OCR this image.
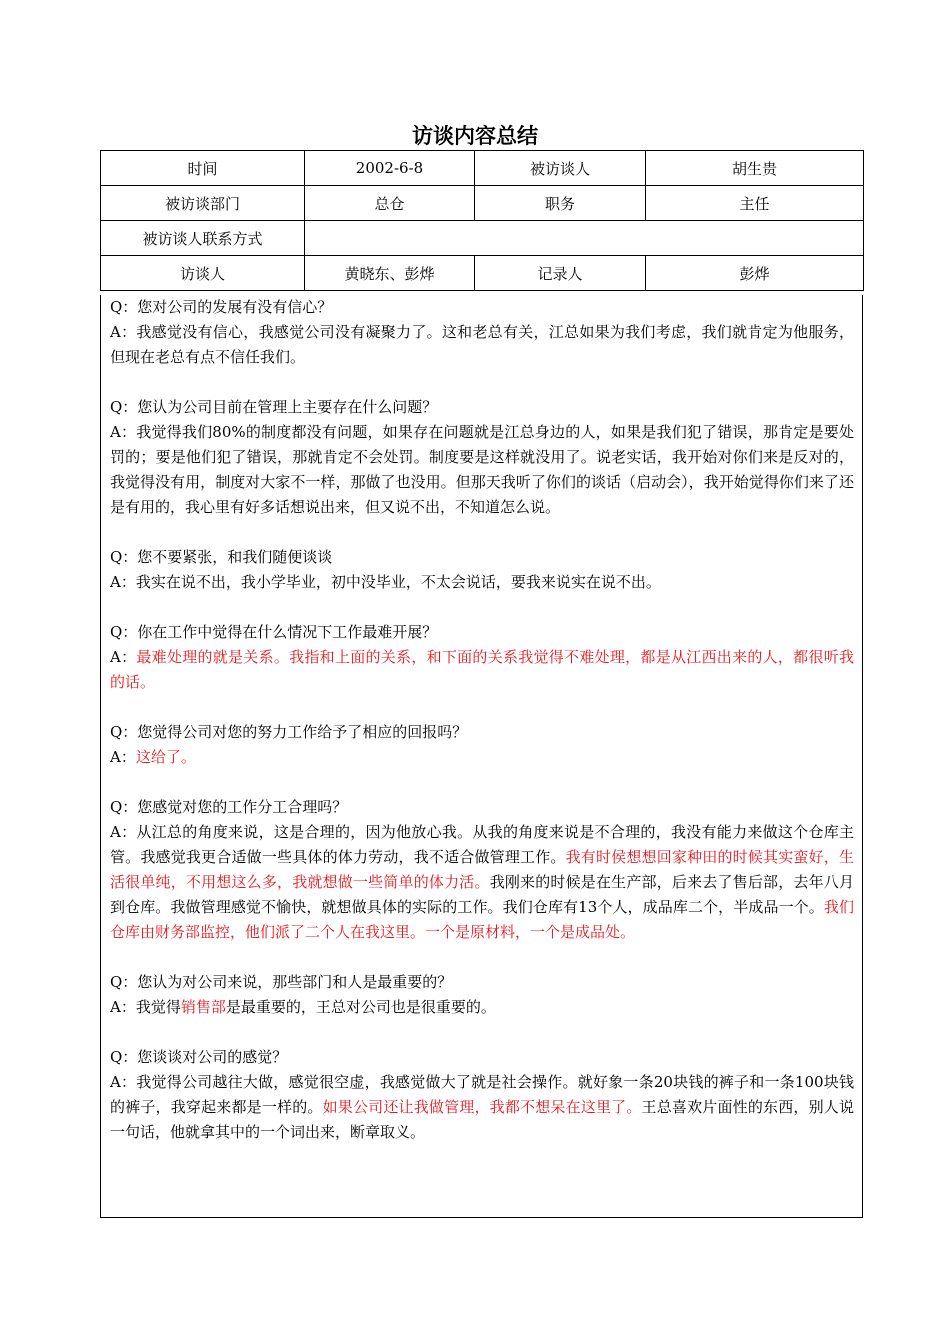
访谈内容总结
时间	2002-6-8	被访谈人	胡生贵
被访谈部门	总仓	职务	主任
被访谈人联系方式			
访谈人	黄晓东、彭烨	记录人	彭烨

Q：您对公司的发展有没有信心？

A：我感觉没有信心，我感觉公司没有凝聚力了。这和老总有关，江总如果为我们考虑，我们就肯定为他服务，但现在老总有点不信任我们。

Q：您认为公司目前在管理上主要存在什么问题？

A：我觉得我们80%的制度都没有问题，如果存在问题就是江总身边的人，如果是我们犯了错误，那肯定是要处罚的；要是他们犯了错误，那就肯定不会处罚。制度要是这样就没用了。说老实话，我开始对你们来是反对的，我觉得没有用，制度对大家不一样，那做了也没用。但那天我听了你们的谈话（启动会），我开始觉得你们来了还是有用的，我心里有好多话想说出来，但又说不出，不知道怎么说。

Q：您不要紧张，和我们随便谈谈

A：我实在说不出，我小学毕业，初中没毕业，不太会说话，要我来说实在说不出。

Q：你在工作中觉得在什么情况下工作最难开展？

A：最难处理的就是关系。我指和上面的关系，和下面的关系我觉得不难处理，都是从江西出来的人，都很听我的话。

Q：您觉得公司对您的努力工作给予了相应的回报吗？

A：这给了。

Q：您感觉对您的工作分工合理吗？

A：从江总的角度来说，这是合理的，因为他放心我。从我的角度来说是不合理的，我没有能力来做这个仓库主管。我感觉我更合适做一些具体的体力劳动，我不适合做管理工作。我有时侯想想回家种田的时候其实蛮好，生活很单纯，不用想这么多，我就想做一些简单的体力活。我刚来的时候是在生产部，后来去了售后部，去年八月到仓库。我做管理感觉不愉快，就想做具体的实际的工作。我们仓库有13个人，成品库二个，半成品一个。我们仓库由财务部监控，他们派了二个人在我这里。一个是原材料，一个是成品处。

Q：您认为对公司来说，那些部门和人是最重要的？

A：我觉得销售部是最重要的，王总对公司也是很重要的。

Q：您谈谈对公司的感觉？

A：我觉得公司越往大做，感觉很空虚，我感觉做大了就是社会操作。就好象一条20块钱的裤子和一条100块钱的裤子，我穿起来都是一样的。如果公司还让我做管理，我都不想呆在这里了。王总喜欢片面性的东西，别人说一句话，他就拿其中的一个词出来，断章取义。
